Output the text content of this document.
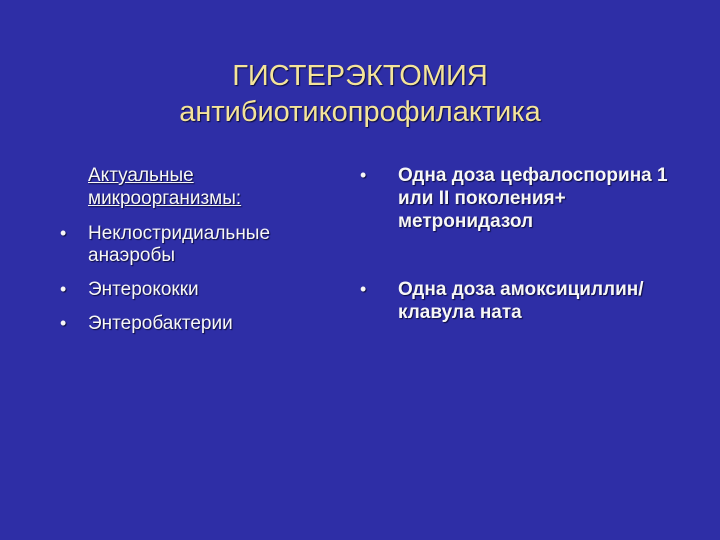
ГИСТЕРЭКТОМИЯ
антибиотикопрофилактика
Актуальные микроорганизмы:
• Неклостридиальные анаэробы
• Энтерококки
• Энтеробактерии
• Одна доза цефалоспорина 1 или II поколения+ метронидазол
• Одна доза амоксициллин/клавула ната
